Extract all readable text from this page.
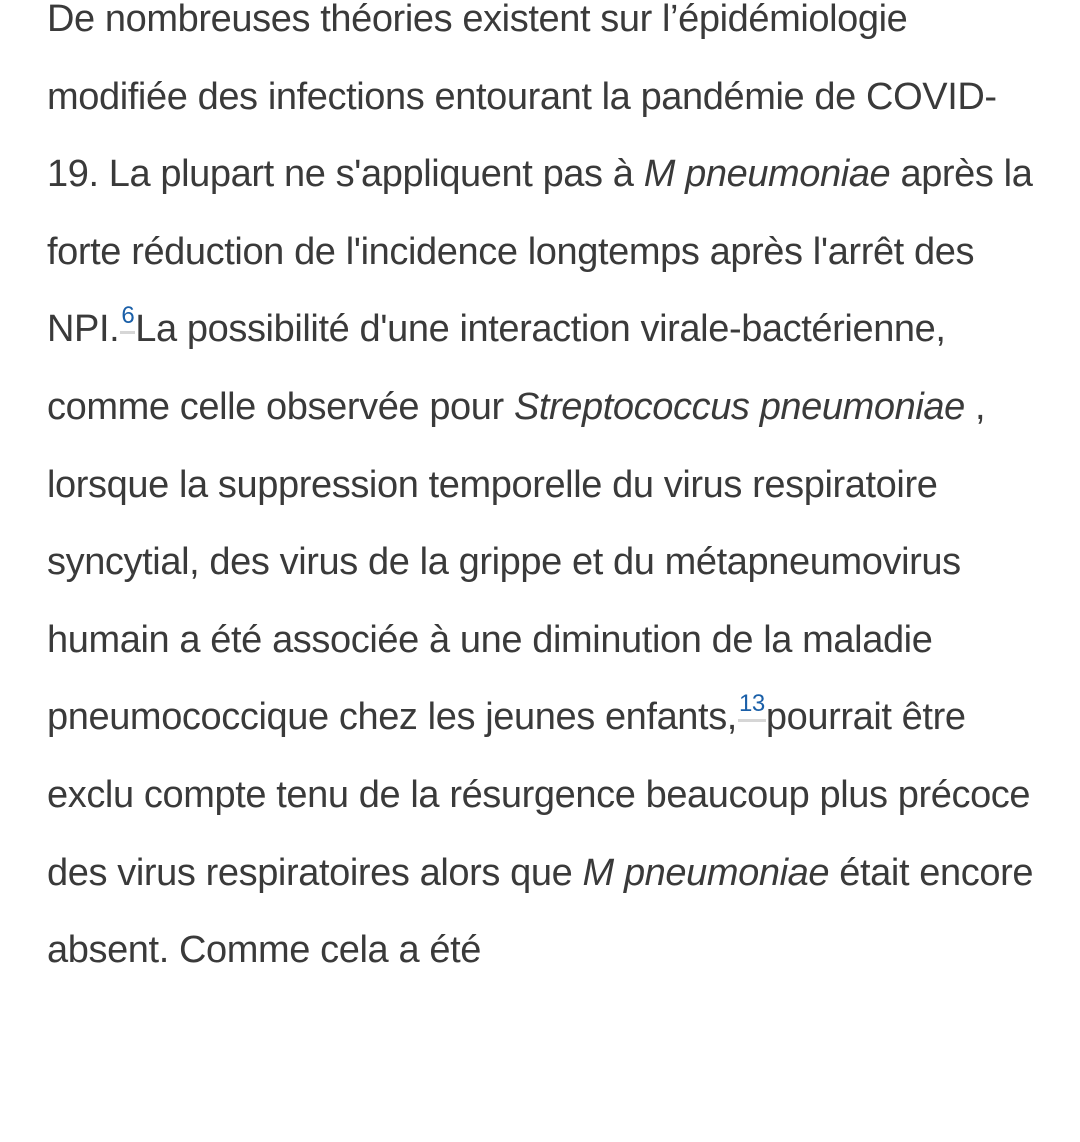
De nombreuses théories existent sur l’épidémiologie modifiée des infections entourant la pandémie de COVID-19. La plupart ne s'appliquent pas à M pneumoniae après la forte réduction de l'incidence longtemps après l'arrêt des NPI.6La possibilité d'une interaction virale-bactérienne, comme celle observée pour Streptococcus pneumoniae , lorsque la suppression temporelle du virus respiratoire syncytial, des virus de la grippe et du métapneumovirus humain a été associée à une diminution de la maladie pneumococcique chez les jeunes enfants,13pourrait être exclu compte tenu de la résurgence beaucoup plus précoce des virus respiratoires alors que M pneumoniae était encore absent. Comme cela a été
